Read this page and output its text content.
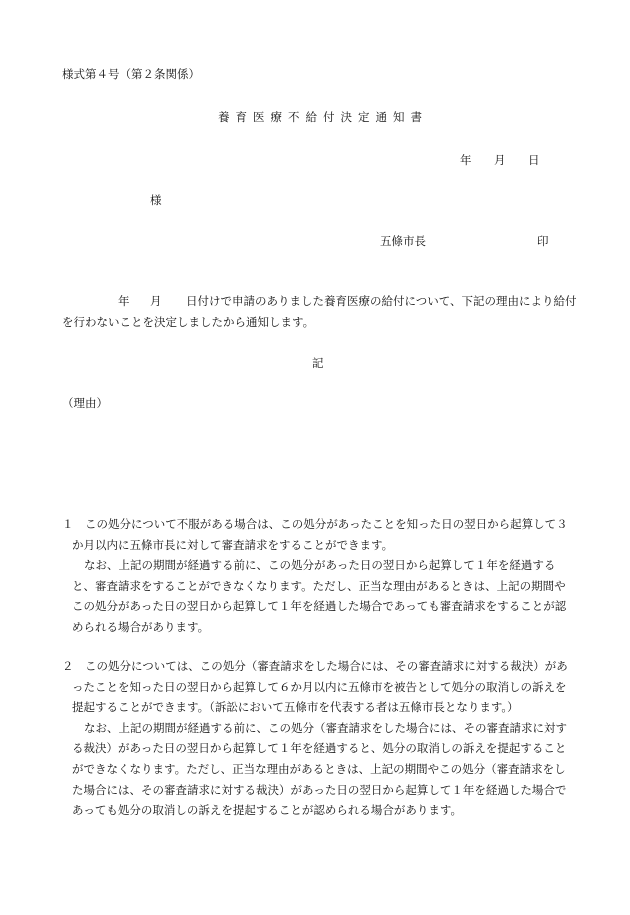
様式第４号（第２条関係）
養育医療不給付決定通知書
年 月 日
様
五條市長	印
年 月 日付けで申請のありました養育医療の給付について、下記の理由により給付
を行わないことを決定しましたから通知します。
記
（理由）

１　この処分について不服がある場合は、この処分があったことを知った日の翌日から起算して３か月以内に五條市長に対して審査請求をすることができます。

なお、上記の期間が経過する前に、この処分があった日の翌日から起算して１年を経過すると、審査請求をすることができなくなります。ただし、正当な理由があるときは、上記の期間やこの処分があった日の翌日から起算して１年を経過した場合であっても審査請求をすることが認められる場合があります。

２　この処分については、この処分（審査請求をした場合には、その審査請求に対する裁決）があったことを知った日の翌日から起算して６か月以内に五條市を被告として処分の取消しの訴えを提起することができます。（訴訟において五條市を代表する者は五條市長となります。）

なお、上記の期間が経過する前に、この処分（審査請求をした場合には、その審査請求に対する裁決）があった日の翌日から起算して１年を経過すると、処分の取消しの訴えを提起することができなくなります。ただし、正当な理由があるときは、上記の期間やこの処分（審査請求をした場合には、その審査請求に対する裁決）があった日の翌日から起算して１年を経過した場合であっても処分の取消しの訴えを提起することが認められる場合があります。
